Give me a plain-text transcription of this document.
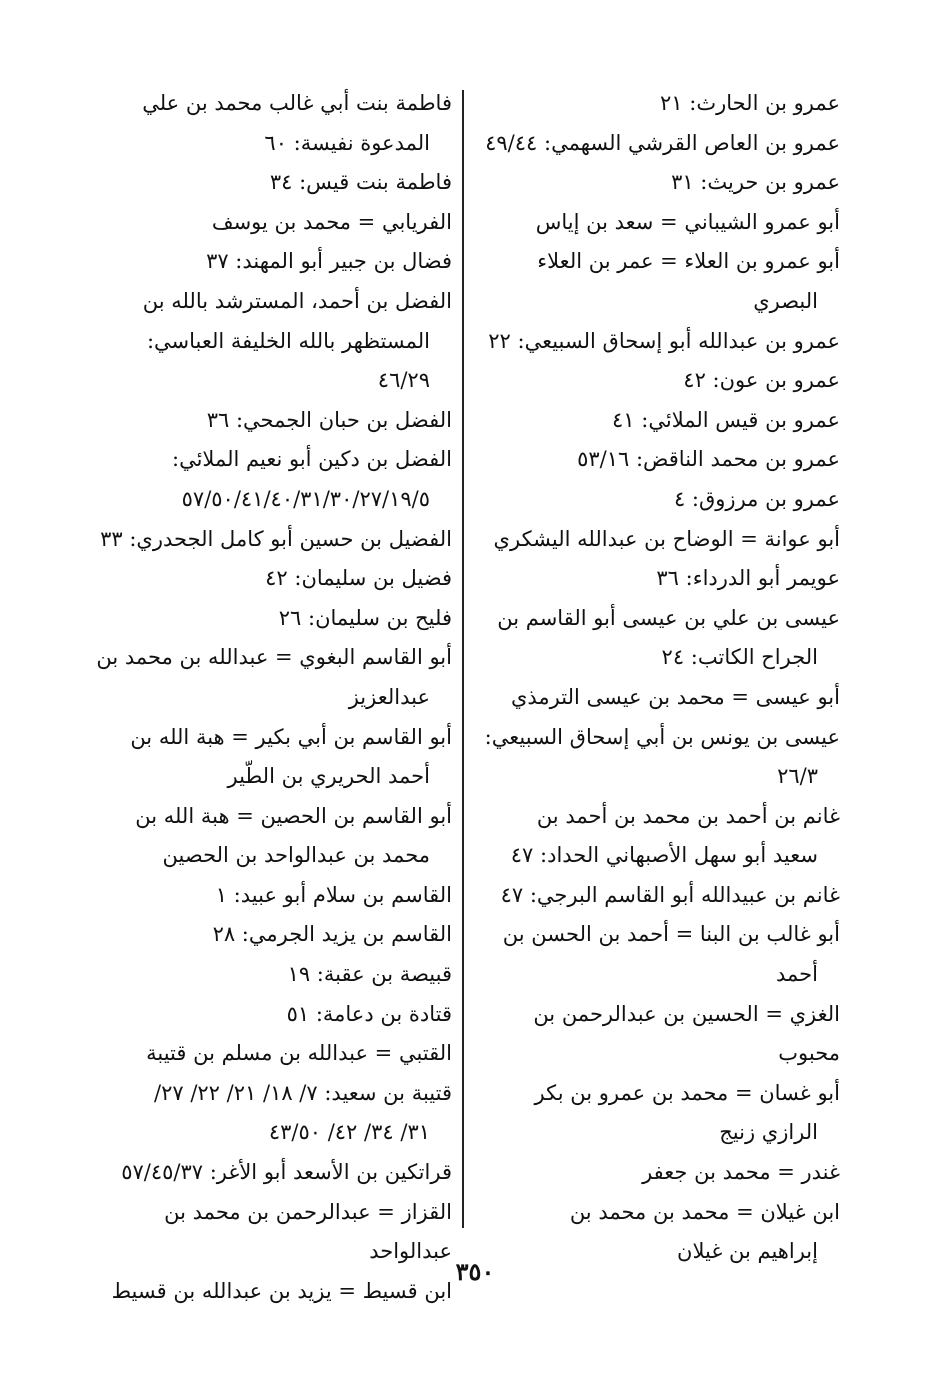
عمرو بن الحارث: ٢١
عمرو بن العاص القرشي السهمي: ٤٩/٤٤
عمرو بن حريث: ٣١
أبو عمرو الشيباني = سعد بن إياس
أبو عمرو بن العلاء = عمر بن العلاء
البصري
عمرو بن عبدالله أبو إسحاق السبيعي: ٢٢
عمرو بن عون: ٤٢
عمرو بن قيس الملائي: ٤١
عمرو بن محمد الناقض: ٥٣/١٦
عمرو بن مرزوق: ٤
أبو عوانة = الوضاح بن عبدالله اليشكري
عويمر أبو الدرداء: ٣٦
عيسى بن علي بن عيسى أبو القاسم بن
الجراح الكاتب: ٢٤
أبو عيسى = محمد بن عيسى الترمذي
عيسى بن يونس بن أبي إسحاق السبيعي:
٢٦/٣
غانم بن أحمد بن محمد بن أحمد بن
سعيد أبو سهل الأصبهاني الحداد: ٤٧
غانم بن عبيدالله أبو القاسم البرجي: ٤٧
أبو غالب بن البنا = أحمد بن الحسن بن
أحمد
الغزي = الحسين بن عبدالرحمن بن محبوب
أبو غسان = محمد بن عمرو بن بكر
الرازي زنيج
غندر = محمد بن جعفر
ابن غيلان = محمد بن محمد بن
إبراهيم بن غيلان
فاطمة بنت أبي غالب محمد بن علي
المدعوة نفيسة: ٦٠
فاطمة بنت قيس: ٣٤
الفريابي = محمد بن يوسف
فضال بن جبير أبو المهند: ٣٧
الفضل بن أحمد، المسترشد بالله بن
المستظهر بالله الخليفة العباسي: ٤٦/٢٩
الفضل بن حبان الجمحي: ٣٦
الفضل بن دكين أبو نعيم الملائي:
٥٧/٥٠/٤١/٤٠/٣١/٣٠/٢٧/١٩/٥
الفضيل بن حسين أبو كامل الجحدري: ٣٣
فضيل بن سليمان: ٤٢
فليح بن سليمان: ٢٦
أبو القاسم البغوي = عبدالله بن محمد بن
عبدالعزيز
أبو القاسم بن أبي بكير = هبة الله بن
أحمد الحريري بن الطّير
أبو القاسم بن الحصين = هبة الله بن
محمد بن عبدالواحد بن الحصين
القاسم بن سلام أبو عبيد: ١
القاسم بن يزيد الجرمي: ٢٨
قبيصة بن عقبة: ١٩
قتادة بن دعامة: ٥١
القتبي = عبدالله بن مسلم بن قتيبة
قتيبة بن سعيد: ٧/ ١٨/ ٢١/ ٢٢/ ٢٧/
٣١/ ٣٤/ ٤٢/ ٤٣/٥٠
قراتكين بن الأسعد أبو الأغر: ٥٧/٤٥/٣٧
القزاز = عبدالرحمن بن محمد بن عبدالواحد
ابن قسيط = يزيد بن عبدالله بن قسيط
٣٥٠
